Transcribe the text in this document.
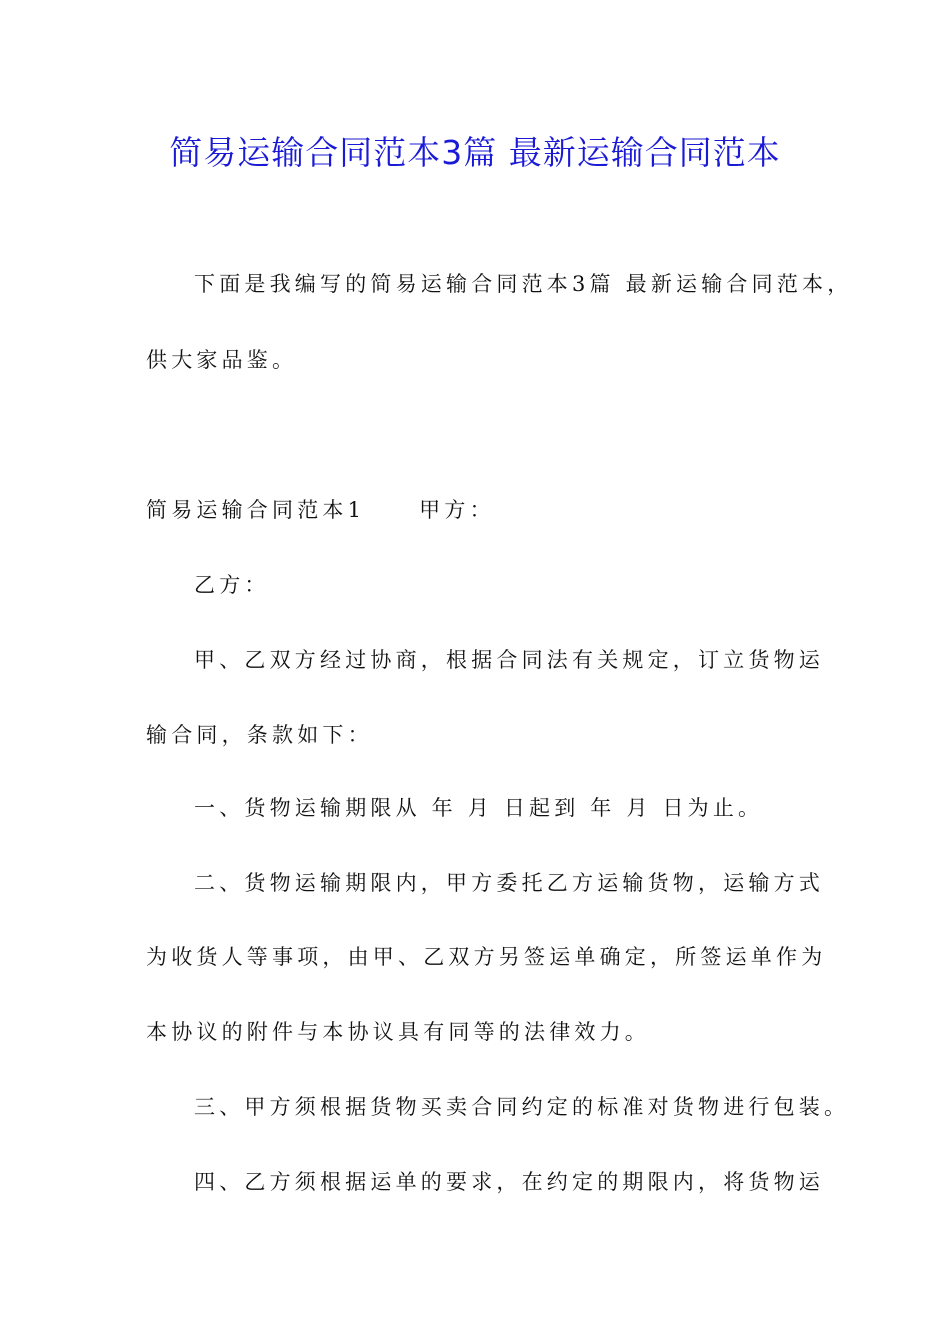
简易运输合同范本3篇 最新运输合同范本
下面是我编写的简易运输合同范本3篇 最新运输合同范本，
供大家品鉴。
简易运输合同范本1	甲方：
乙方：
甲、乙双方经过协商，根据合同法有关规定，订立货物运
输合同，条款如下：
一、货物运输期限从 年 月 日起到 年 月 日为止。
二、货物运输期限内，甲方委托乙方运输货物，运输方式
为收货人等事项，由甲、乙双方另签运单确定，所签运单作为
本协议的附件与本协议具有同等的法律效力。
三、甲方须根据货物买卖合同约定的标准对货物进行包装。
四、乙方须根据运单的要求，在约定的期限内，将货物运
